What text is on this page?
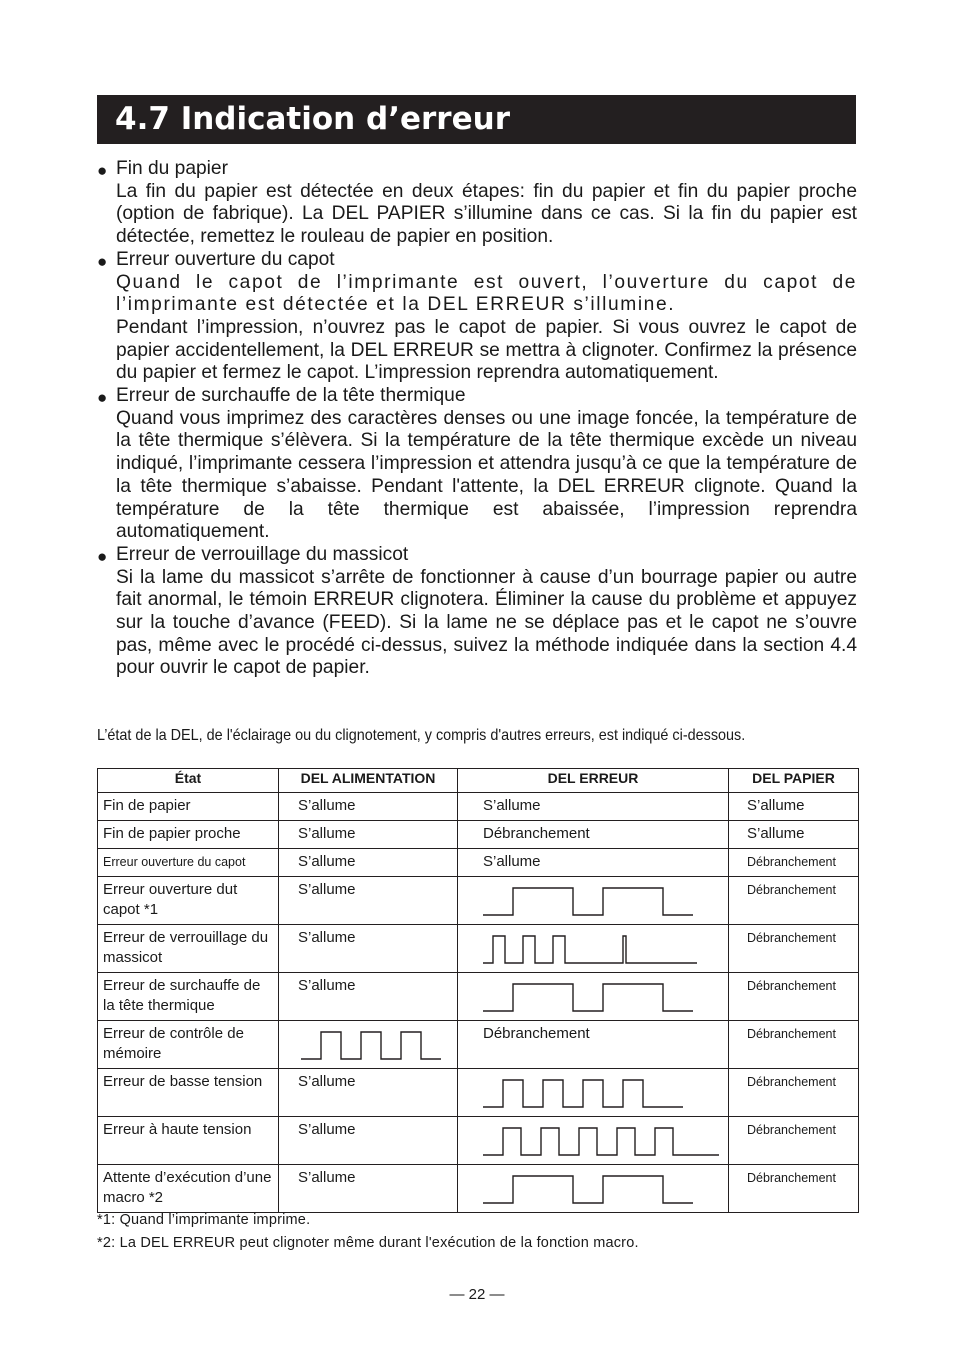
4.7 Indication d’erreur
● Fin du papier

La fin du papier est détectée en deux étapes: fin du papier et fin du papier proche (option de fabrique). La DEL PAPIER s’illumine dans ce cas. Si la fin du papier est détectée, remettez le rouleau de papier en position.

● Erreur ouverture du capot

Quand le capot de l’imprimante est ouvert, l’ouverture du capot de l’imprimante est détectée et la DEL ERREUR s’illumine.

Pendant l’impression, n’ouvrez pas le capot de papier. Si vous ouvrez le capot de papier accidentellement, la DEL ERREUR se mettra à clignoter. Confirmez la présence du papier et fermez le capot. L’impression reprendra automatiquement.

● Erreur de surchauffe de la tête thermique

Quand vous imprimez des caractères denses ou une image foncée, la température de la tête thermique s’élèvera. Si la température de la tête thermique excède un niveau indiqué, l’imprimante cessera l’impression et attendra jusqu’à ce que la température de la tête thermique s’abaisse. Pendant l'attente, la DEL ERREUR clignote. Quand la température de la tête thermique est abaissée, l’impression reprendra automatiquement.

● Erreur de verrouillage du massicot

Si la lame du massicot s’arrête de fonctionner à cause d’un bourrage papier ou autre fait anormal, le témoin ERREUR clignotera. Éliminer la cause du problème et appuyez sur la touche d’avance (FEED). Si la lame ne se déplace pas et le capot ne s’ouvre pas, même avec le procédé ci-dessus, suivez la méthode indiquée dans la section 4.4 pour ouvrir le capot de papier.

L’état de la DEL, de l'éclairage ou du clignotement, y compris d'autres erreurs, est indiqué ci-dessous.
État	DEL ALIMENTATION	DEL ERREUR	DEL PAPIER
Fin de papier	S’allume	S’allume	S’allume
Fin de papier proche	S’allume	Débranchement	S’allume
Erreur ouverture du capot	S’allume	S’allume	Débranchement
Erreur ouverture dut capot *1	S’allume		Débranchement
Erreur de verrouillage du massicot	S’allume		Débranchement
Erreur de surchauffe de la tête thermique	S’allume		Débranchement
Erreur de contrôle de mémoire		Débranchement	Débranchement
Erreur de basse tension	S’allume		Débranchement
Erreur à haute tension	S’allume		Débranchement
Attente d’exécution d’une macro *2	S’allume		Débranchement
*1: Quand l’imprimante imprime.
*2: La DEL ERREUR peut clignoter même durant l'exécution de la fonction macro.
— 22 —
